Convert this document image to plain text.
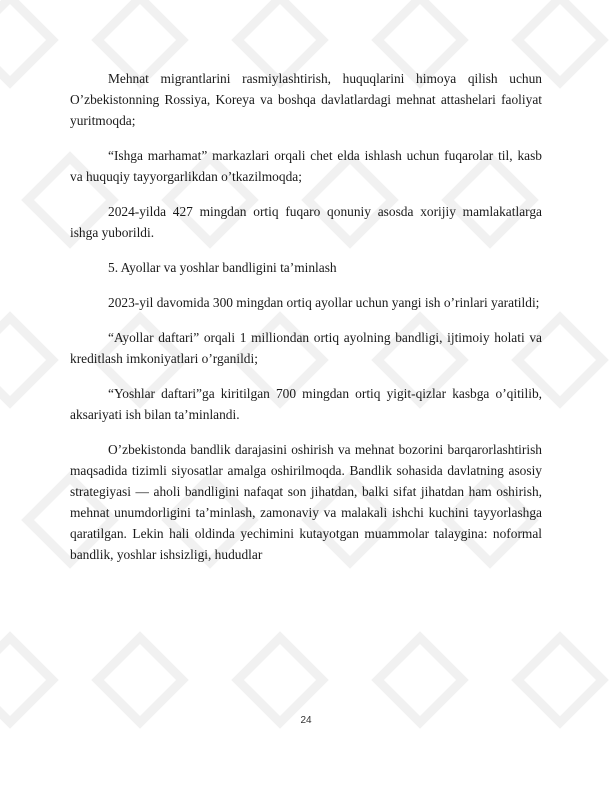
Mehnat migrantlarini rasmiylashtirish, huquqlarini himoya qilish uchun O’zbekistonning Rossiya, Koreya va boshqa davlatlardagi mehnat attashelari faoliyat yuritmoqda;

“Ishga marhamat” markazlari orqali chet elda ishlash uchun fuqarolar til, kasb va huquqiy tayyorgarlikdan o’tkazilmoqda;

2024-yilda 427 mingdan ortiq fuqaro qonuniy asosda xorijiy mamlakatlarga ishga yuborildi.

5. Ayollar va yoshlar bandligini ta’minlash

2023-yil davomida 300 mingdan ortiq ayollar uchun yangi ish o’rinlari yaratildi;

“Ayollar daftari” orqali 1 milliondan ortiq ayolning bandligi, ijtimoiy holati va kreditlash imkoniyatlari o’rganildi;

“Yoshlar daftari”ga kiritilgan 700 mingdan ortiq yigit-qizlar kasbga o’qitilib, aksariyati ish bilan ta’minlandi.

O’zbekistonda bandlik darajasini oshirish va mehnat bozorini barqarorlashtirish maqsadida tizimli siyosatlar amalga oshirilmoqda. Bandlik sohasida davlatning asosiy strategiyasi — aholi bandligini nafaqat son jihatdan, balki sifat jihatdan ham oshirish, mehnat unumdorligini ta’minlash, zamonaviy va malakali ishchi kuchini tayyorlashga qaratilgan. Lekin hali oldinda yechimini kutayotgan muammolar talaygina: noformal bandlik, yoshlar ishsizligi, hududlar

24
